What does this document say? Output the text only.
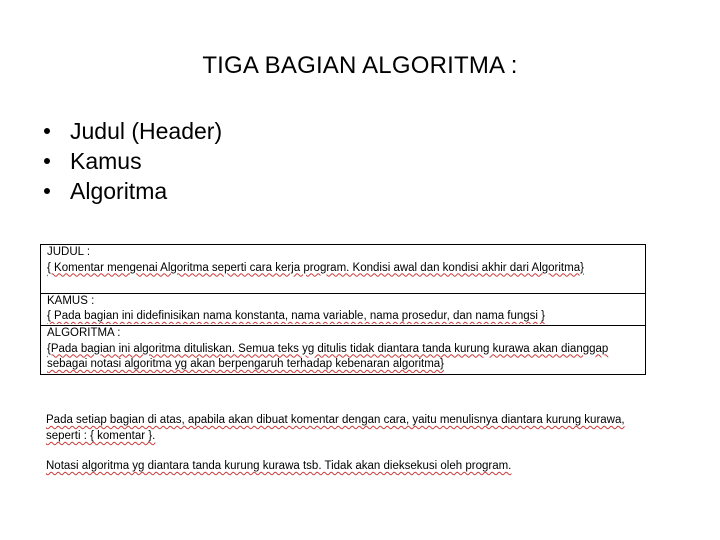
TIGA BAGIAN ALGORITMA :
Judul (Header)
Kamus
Algoritma
JUDUL :
{ Komentar mengenai Algoritma seperti cara kerja program. Kondisi awal dan kondisi akhir dari Algoritma}
KAMUS :
{ Pada bagian ini didefinisikan nama konstanta, nama variable, nama prosedur, dan nama fungsi }
ALGORITMA :
{Pada bagian ini algoritma dituliskan. Semua teks yg ditulis tidak diantara tanda kurung kurawa akan dianggap sebagai notasi algoritma yg akan berpengaruh terhadap kebenaran algoritma}

Pada setiap bagian di atas, apabila akan dibuat komentar dengan cara, yaitu menulisnya diantara kurung kurawa, seperti : { komentar }.

Notasi algoritma yg diantara tanda kurung kurawa tsb. Tidak akan dieksekusi oleh program.
